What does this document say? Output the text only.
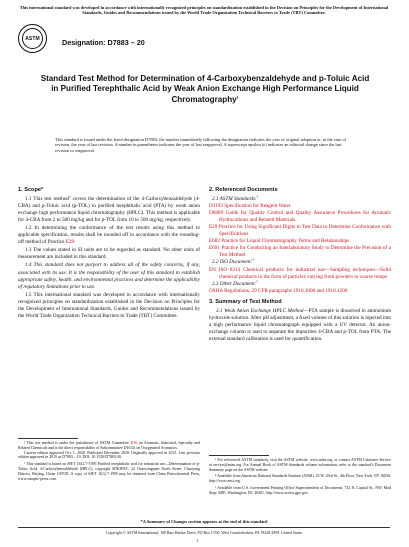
This international standard was developed in accordance with internationally recognized principles on standardization established in the Decision on Principles for the Development of International Standards, Guides and Recommendations issued by the World Trade Organization Technical Barriers to Trade (TBT) Committee.
ASTM	Designation: D7883 – 20
Standard Test Method for Determination of 4-Carboxybenzaldehyde and p-Toluic Acid in Purified Terephthalic Acid by Weak Anion Exchange High Performance Liquid Chromatography$^1$
This standard is issued under the fixed designation D7883; the number immediately following the designation indicates the year of original adoption or, in the case of revision, the year of last revision. A number in parentheses indicates the year of last reapproval. A superscript epsilon (ε) indicates an editorial change since the last revision or reapproval.
1. Scope*

1.1 This test method$^2$ covers the determination of the 4-Carboxybenzaldehyde (4-CBA) and p-Toluic acid (p-TOL) in purified terephthalic acid (PTA) by weak anion exchange high performance liquid chromatography (HPLC). This method is applicable for 4-CBA from 2 to 500 mg/kg and for p-TOL from 10 to 500 mg/kg, respectively.

1.2 In determining the conformance of the test results using this method to applicable specification, results shall be rounded off in accordance with the rounding-off method of Practice E29.

1.3 The values stated in SI units are to be regarded as standard. No other units of measurement are included in this standard.

1.4 This standard does not purport to address all of the safety concerns, if any, associated with its use. It is the responsibility of the user of this standard to establish appropriate safety, health, and environmental practices and determine the applicability of regulatory limitations prior to use.

1.5 This international standard was developed in accordance with internationally recognized principles on standardization established in the Decision on Principles for the Development of International Standards, Guides and Recommendations issued by the World Trade Organization Technical Barriers to Trade (TBT) Committee.

¹ This test method is under the jurisdiction of ASTM Committee D16 on Aromatic, Industrial, Specialty and Related Chemicals and is the direct responsibility of Subcommittee D16.02 on Oxygenated Aromatics.

Current edition approved Oct. 1, 2020. Published December 2020. Originally approved in 2013. Last previous edition approved in 2019 as D7883 – 19. DOI: 10.1520/D7883-20.

² This standard is based on SH/T 1612.7-1995 Purified terephthalic acid for industrial use—Determination of p-Toluic Acid, 4-Carboxybenzaldehyde (HPLC), copyright SINOPEC, 22 Chaoyangmen North Street, Chaoyang District, Beijing, China 100728. A copy of SH/T 1612.7-1995 may be obtained from China Petrochemical Press, www.sinopec-press.com.

2. Referenced Documents

2.1 ASTM Standards:$^3$

D1193 Specification for Reagent Water

D6809 Guide for Quality Control and Quality Assurance Procedures for Aromatic Hydrocarbons and Related Materials

E29 Practice for Using Significant Digits in Test Data to Determine Conformance with Specifications

E682 Practice for Liquid Chromatography Terms and Relationships

E691 Practice for Conducting an Interlaboratory Study to Determine the Precision of a Test Method

2.2 ISO Document:$^4$

EN ISO 8213 Chemical products for industrial use—Sampling techniques—Solid chemical products in the form of particles varying from powders to coarse lumps

2.3 Other Document:$^5$

OSHA Regulations, 29 CFR paragraphs 1910.1000 and 1910.1200

3. Summary of Test Method

3.1 Weak Anion Exchange HPLC Method—PTA sample is dissolved in ammonium hydroxide solution. After pH adjustment, a fixed volume of this solution is injected into a high performance liquid chromatograph equipped with a UV detector. An anion-exchange column is used to separate the impurities 4-CBA and p-TOL from PTA. The external standard calibration is used for quantification.

³ For referenced ASTM standards, visit the ASTM website, www.astm.org, or contact ASTM Customer Service at service@astm.org. For Annual Book of ASTM Standards volume information, refer to the standard's Document Summary page on the ASTM website.

⁴ Available from American National Standards Institute (ANSI), 25 W. 43rd St., 4th Floor, New York, NY 10036, http://www.ansi.org.

⁵ Available from U.S. Government Printing Office Superintendent of Documents, 732 N. Capitol St., NW, Mail Stop: SDE, Washington, DC 20401, http://www.access.gpo.gov.

*A Summary of Changes section appears at the end of this standard
Copyright © ASTM International, 100 Barr Harbor Drive, PO Box C700, West Conshohocken, PA 19428-2959. United States
1
